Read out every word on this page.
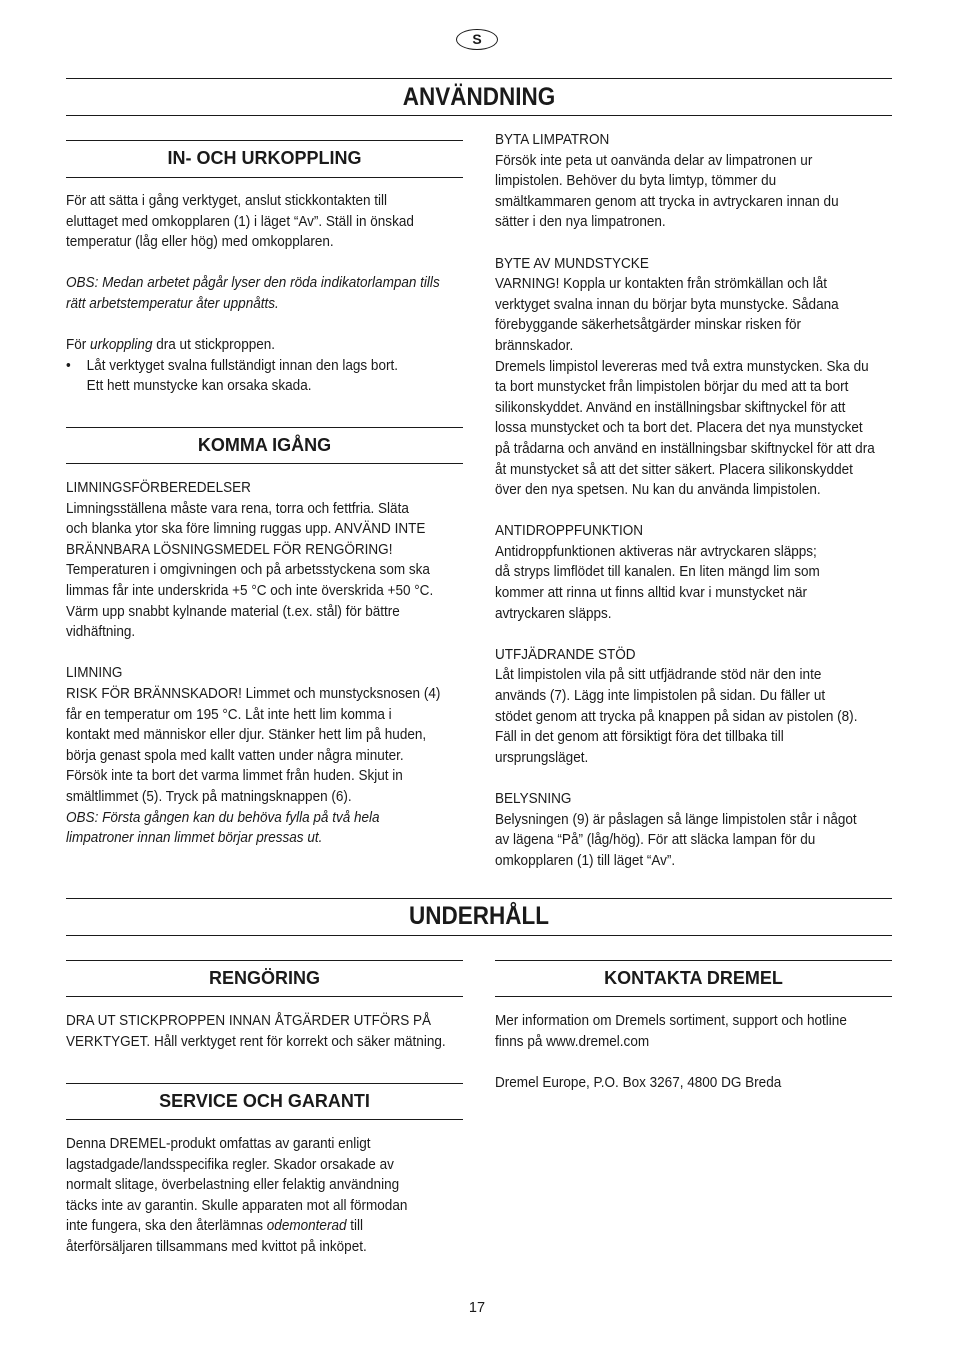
S
ANVÄNDNING
IN- OCH URKOPPLING

För att sätta i gång verktyget, anslut stickkontakten till

eluttaget med omkopplaren (1) i läget “Av”. Ställ in önskad

temperatur (låg eller hög) med omkopplaren.

OBS: Medan arbetet pågår lyser den röda indikatorlampan tills

rätt arbetstemperatur åter uppnåtts.

För urkoppling dra ut stickproppen.

• Låt verktyget svalna fullständigt innan den lags bort.

Ett hett munstycke kan orsaka skada.

KOMMA IGÅNG

LIMNINGSFÖRBEREDELSER

Limningsställena måste vara rena, torra och fettfria. Släta

och blanka ytor ska före limning ruggas upp. ANVÄND INTE

BRÄNNBARA LÖSNINGSMEDEL FÖR RENGÖRING!

Temperaturen i omgivningen och på arbetsstyckena som ska

limmas får inte underskrida +5 °C och inte överskrida +50 °C.

Värm upp snabbt kylnande material (t.ex. stål) för bättre

vidhäftning.

LIMNING

RISK FÖR BRÄNNSKADOR! Limmet och munstycksnosen (4)

får en temperatur om 195 °C. Låt inte hett lim komma i

kontakt med människor eller djur. Stänker hett lim på huden,

börja genast spola med kallt vatten under några minuter.

Försök inte ta bort det varma limmet från huden. Skjut in

smältlimmet (5). Tryck på matningsknappen (6).

OBS: Första gången kan du behöva fylla på två hela

limpatroner innan limmet börjar pressas ut.

BYTA LIMPATRON

Försök inte peta ut oanvända delar av limpatronen ur

limpistolen. Behöver du byta limtyp, tömmer du

smältkammaren genom att trycka in avtryckaren innan du

sätter i den nya limpatronen.

BYTE AV MUNDSTYCKE

VARNING! Koppla ur kontakten från strömkällan och låt

verktyget svalna innan du börjar byta munstycke. Sådana

förebyggande säkerhetsåtgärder minskar risken för

brännskador.

Dremels limpistol levereras med två extra munstycken. Ska du

ta bort munstycket från limpistolen börjar du med att ta bort

silikonskyddet. Använd en inställningsbar skiftnyckel för att

lossa munstycket och ta bort det. Placera det nya munstycket

på trådarna och använd en inställningsbar skiftnyckel för att dra

åt munstycket så att det sitter säkert. Placera silikonskyddet

över den nya spetsen. Nu kan du använda limpistolen.

ANTIDROPPFUNKTION

Antidroppfunktionen aktiveras när avtryckaren släpps;

då stryps limflödet till kanalen. En liten mängd lim som

kommer att rinna ut finns alltid kvar i munstycket när

avtryckaren släpps.

UTFJÄDRANDE STÖD

Låt limpistolen vila på sitt utfjädrande stöd när den inte

används (7). Lägg inte limpistolen på sidan. Du fäller ut

stödet genom att trycka på knappen på sidan av pistolen (8).

Fäll in det genom att försiktigt föra det tillbaka till

ursprungsläget.

BELYSNING

Belysningen (9) är påslagen så länge limpistolen står i något

av lägena “På” (låg/hög). För att släcka lampan för du

omkopplaren (1) till läget “Av”.

UNDERHÅLL
RENGÖRING

DRA UT STICKPROPPEN INNAN ÅTGÄRDER UTFÖRS PÅ

VERKTYGET. Håll verktyget rent för korrekt och säker mätning.

SERVICE OCH GARANTI

Denna DREMEL-produkt omfattas av garanti enligt

lagstadgade/landsspecifika regler. Skador orsakade av

normalt slitage, överbelastning eller felaktig användning

täcks inte av garantin. Skulle apparaten mot all förmodan

inte fungera, ska den återlämnas odemonterad till

återförsäljaren tillsammans med kvittot på inköpet.

KONTAKTA DREMEL

Mer information om Dremels sortiment, support och hotline

finns på www.dremel.com

Dremel Europe, P.O. Box 3267, 4800 DG Breda

17
